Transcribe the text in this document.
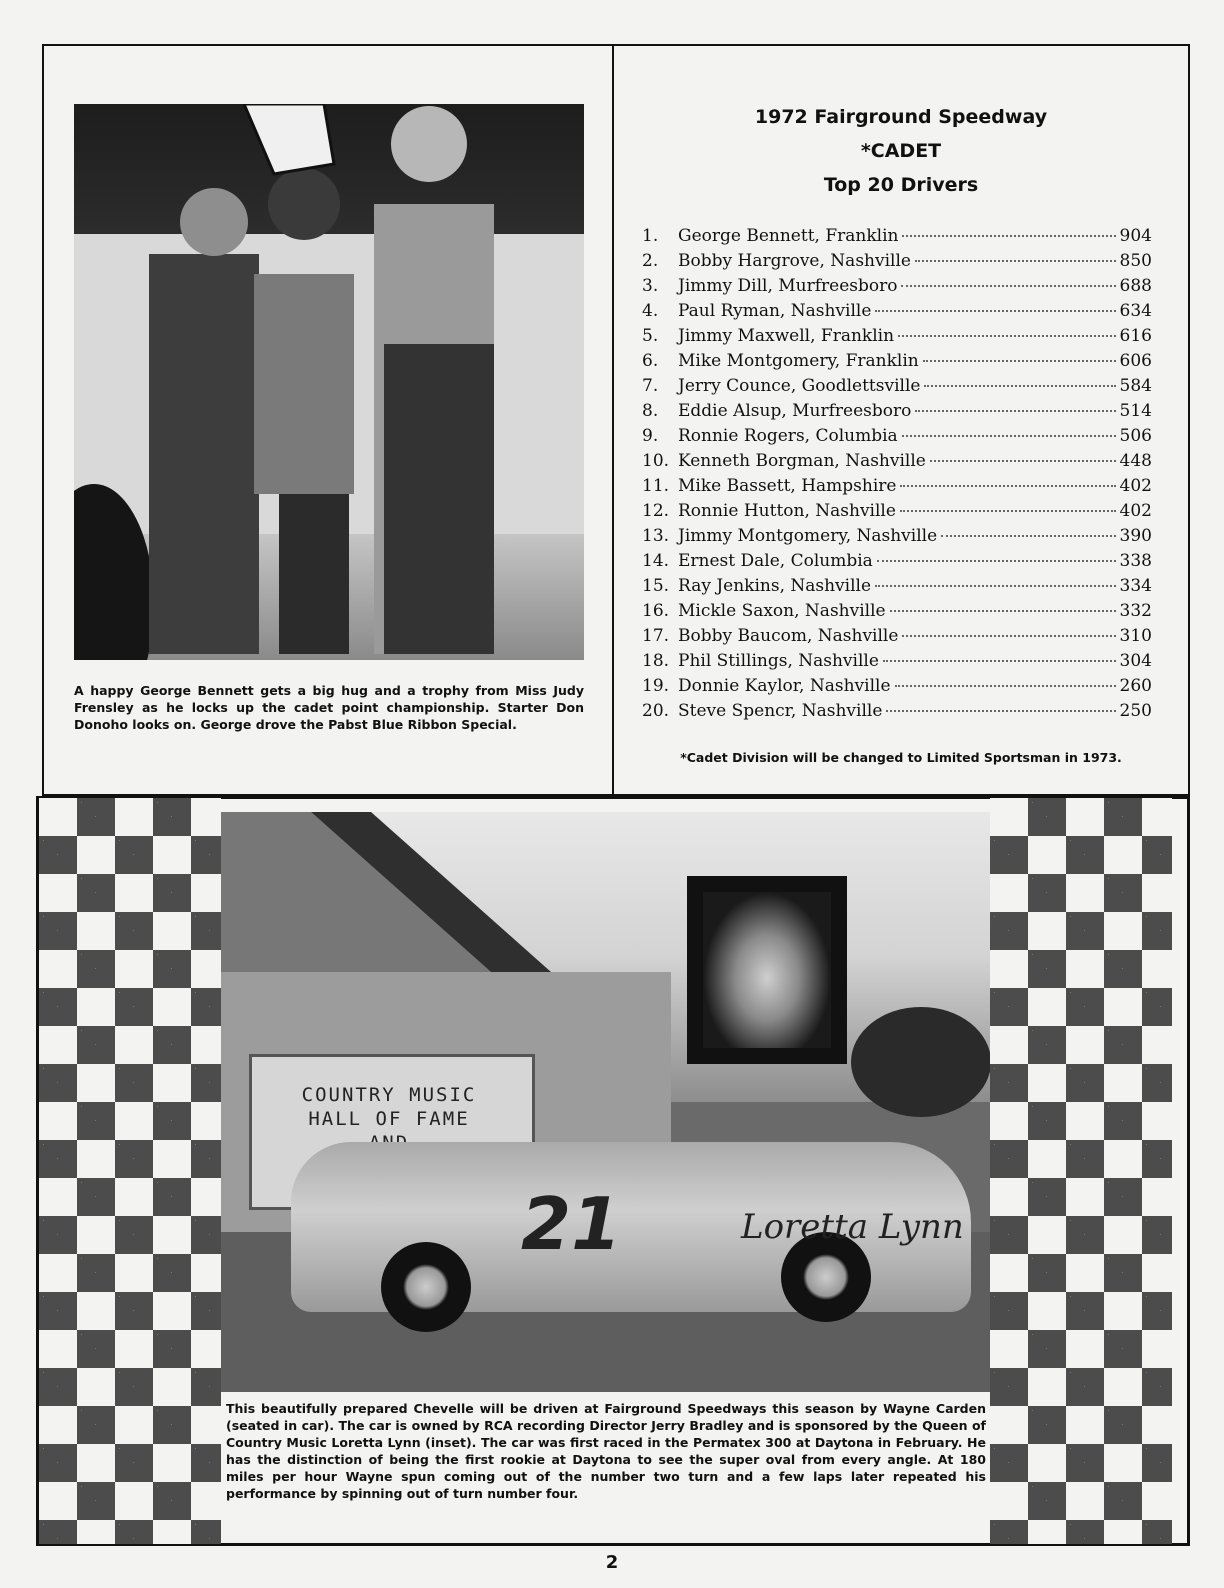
A happy George Bennett gets a big hug and a trophy from Miss Judy Frensley as he locks up the cadet point championship. Starter Don Donoho looks on. George drove the Pabst Blue Ribbon Special.
1972 Fairground Speedway
*CADET
Top 20 Drivers
1.	George Bennett, Franklin	904
2.	Bobby Hargrove, Nashville	850
3.	Jimmy Dill, Murfreesboro	688
4.	Paul Ryman, Nashville	634
5.	Jimmy Maxwell, Franklin	616
6.	Mike Montgomery, Franklin	606
7.	Jerry Counce, Goodlettsville	584
8.	Eddie Alsup, Murfreesboro	514
9.	Ronnie Rogers, Columbia	506
10. Kenneth Borgman, Nashville	448
11. Mike Bassett, Hampshire	402
12. Ronnie Hutton, Nashville	402
13. Jimmy Montgomery, Nashville	390
14. Ernest Dale, Columbia	338
15. Ray Jenkins, Nashville	334
16. Mickle Saxon, Nashville	332
17. Bobby Baucom, Nashville	310
18. Phil Stillings, Nashville	304
19. Donnie Kaylor, Nashville	260
20. Steve Spencr, Nashville	250
*Cadet Division will be changed to Limited Sportsman in 1973.
COUNTRY MUSIC
HALL OF FAME
21	Loretta Lynn
This beautifully prepared Chevelle will be driven at Fairground Speedways this season by Wayne Carden (seated in car). The car is owned by RCA recording Director Jerry Bradley and is sponsored by the Queen of Country Music Loretta Lynn (inset). The car was first raced in the Permatex 300 at Daytona in February. He has the distinction of being the first rookie at Daytona to see the super oval from every angle. At 180 miles per hour Wayne spun coming out of the number two turn and a few laps later repeated his performance by spinning out of turn number four.
2
